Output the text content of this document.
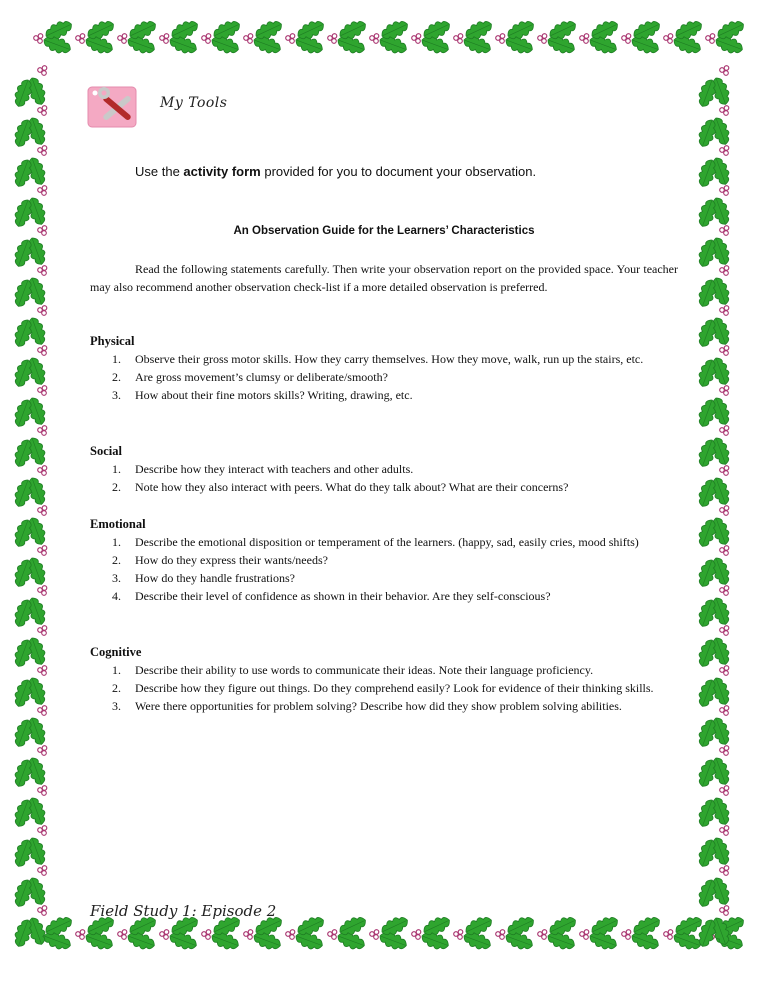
My Tools
Use the activity form provided for you to document your observation.
An Observation Guide for the Learners’ Characteristics

Read the following statements carefully. Then write your observation report on the provided space. Your teacher may also recommend another observation check-list if a more detailed observation is preferred.

Physical
1. Observe their gross motor skills. How they carry themselves. How they move, walk, run up the stairs, etc.
2. Are gross movement’s clumsy or deliberate/smooth?
3. How about their fine motors skills? Writing, drawing, etc.
Social
1. Describe how they interact with teachers and other adults.
2. Note how they also interact with peers. What do they talk about? What are their concerns?
Emotional
1. Describe the emotional disposition or temperament of the learners. (happy, sad, easily cries, mood shifts)
2. How do they express their wants/needs?
3. How do they handle frustrations?
4. Describe their level of confidence as shown in their behavior. Are they self-conscious?
Cognitive
1. Describe their ability to use words to communicate their ideas. Note their language proficiency.
2. Describe how they figure out things. Do they comprehend easily? Look for evidence of their thinking skills.
3. Were there opportunities for problem solving? Describe how did they show problem solving abilities.
Field Study 1: Episode 2
